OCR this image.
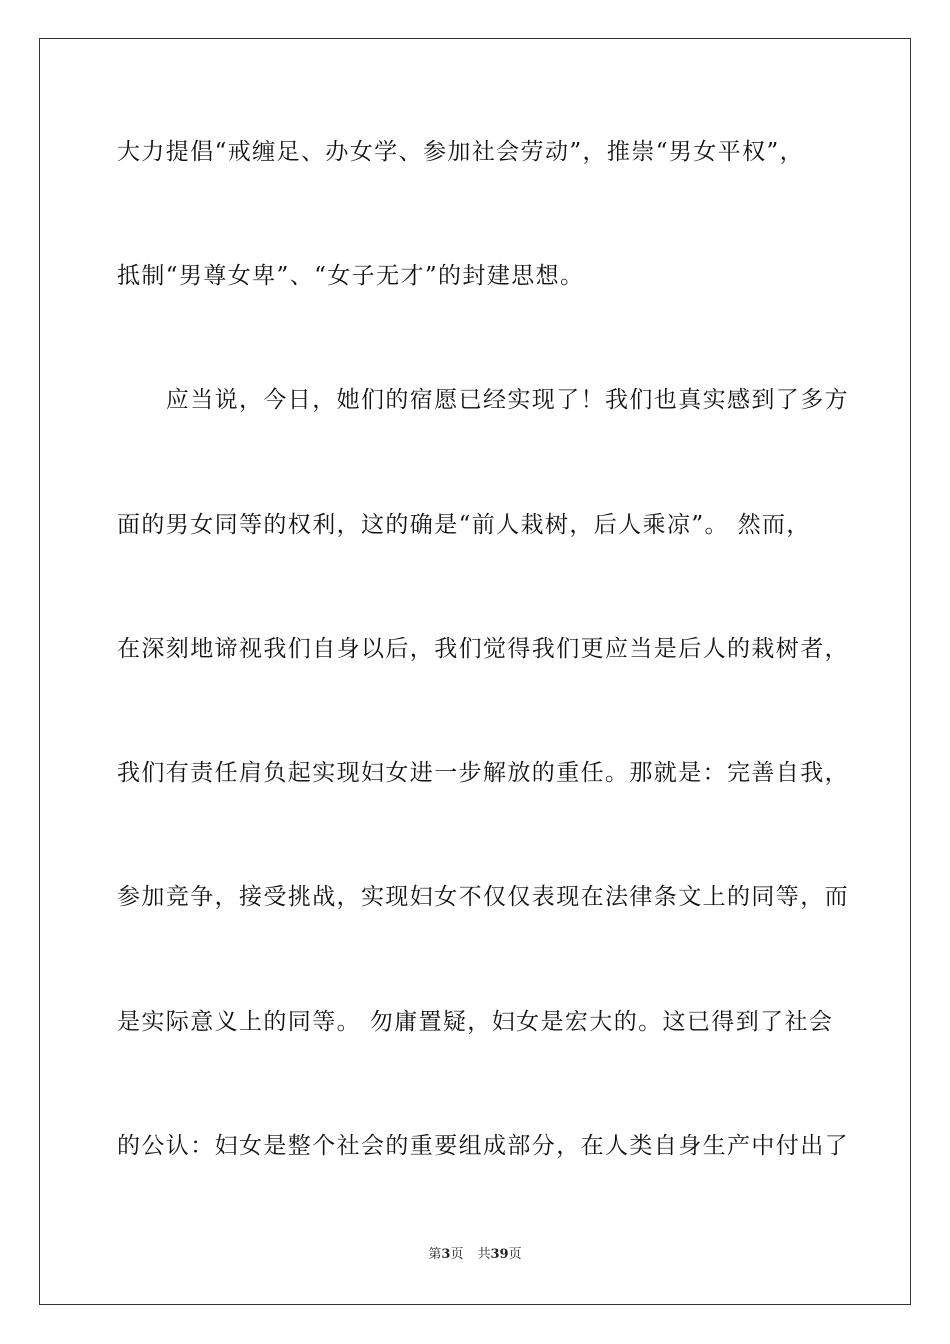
大力提倡“戒缠足、办女学、参加社会劳动”，推崇“男女平权”，
抵制“男尊女卑”、“女子无才”的封建思想。
　　应当说，今日，她们的宿愿已经实现了！我们也真实感到了多方
面的男女同等的权利，这的确是“前人栽树，后人乘凉”。 然而，
在深刻地谛视我们自身以后，我们觉得我们更应当是后人的栽树者，
我们有责任肩负起实现妇女进一步解放的重任。那就是：完善自我，
参加竞争，接受挑战，实现妇女不仅仅表现在法律条文上的同等，而
是实际意义上的同等。 勿庸置疑，妇女是宏大的。这已得到了社会
的公认：妇女是整个社会的重要组成部分，在人类自身生产中付出了
第3页 共39页
